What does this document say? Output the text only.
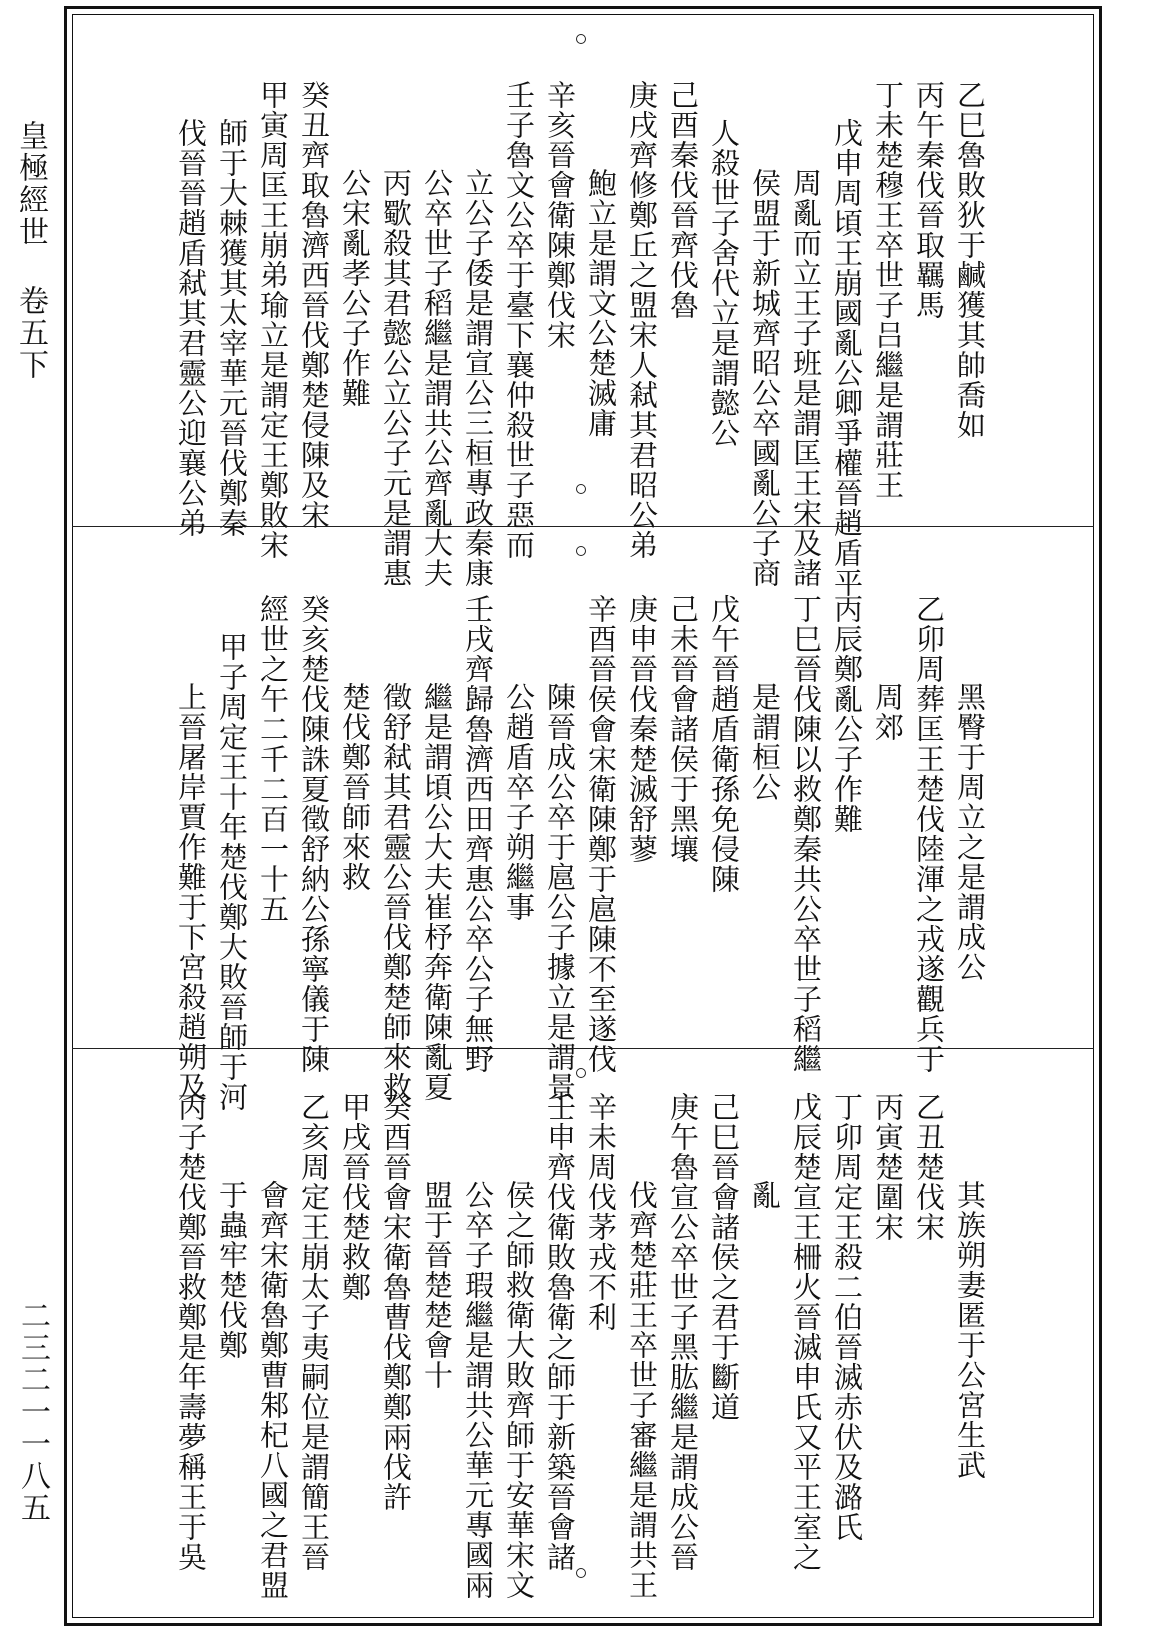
皇極經世 卷五下
二三二一一八五
乙巳魯敗狄于鹹獲其帥喬如
丙午秦伐晉取羈馬
丁未楚穆王卒世子吕繼是謂莊王
戊申周頃王崩國亂公卿爭權晉趙盾平
周亂而立王子班是謂匡王宋及諸
侯盟于新城齊昭公卒國亂公子商
人殺世子舍代立是謂懿公
己酉秦伐晉齊伐魯
庚戌齊修鄭丘之盟宋人弒其君昭公弟
鮑立是謂文公楚滅庸
辛亥晉會衛陳鄭伐宋
壬子魯文公卒于臺下襄仲殺世子惡而
立公子倭是謂宣公三桓專政秦康
公卒世子稻繼是謂共公齊亂大夫
丙歜殺其君懿公立公子元是謂惠
公宋亂孝公子作難
癸丑齊取魯濟西晉伐鄭楚侵陳及宋
甲寅周匡王崩弟瑜立是謂定王鄭敗宋
師于大棘獲其太宰華元晉伐鄭秦
伐晉晉趙盾弒其君靈公迎襄公弟
黑臀于周立之是謂成公
乙卯周葬匡王楚伐陸渾之戎遂觀兵于
周郊
丙辰鄭亂公子作難
丁巳晉伐陳以救鄭秦共公卒世子稻繼
是謂桓公
戊午晉趙盾衛孫免侵陳
己未晉會諸侯于黑壤
庚申晉伐秦楚滅舒蓼
辛酉晉侯會宋衛陳鄭于扈陳不至遂伐
陳晉成公卒于扈公子據立是謂景
公趙盾卒子朔繼事
壬戌齊歸魯濟西田齊惠公卒公子無野
繼是謂頃公大夫崔杼奔衛陳亂夏
徵舒弒其君靈公晉伐鄭楚師來救
楚伐鄭晉師來救
癸亥楚伐陳誅夏徵舒納公孫寧儀于陳
經世之午二千二百一十五
甲子周定王十年楚伐鄭大敗晉師于河
上晉屠岸賈作難于下宮殺趙朔及
其族朔妻匿于公宮生武
乙丑楚伐宋
丙寅楚圍宋
丁卯周定王殺二伯晉滅赤伏及潞氏
戊辰楚宣王柵火晉滅申氏又平王室之
亂
己巳晉會諸侯之君于斷道
庚午魯宣公卒世子黑肱繼是謂成公晉
伐齊楚莊王卒世子審繼是謂共王
辛未周伐茅戎不利
壬申齊伐衛敗魯衛之師于新築晉會諸
侯之師救衛大敗齊師于安華宋文
公卒子瑕繼是謂共公華元專國兩
盟于晉楚楚會十
癸酉晉會宋衛魯曹伐鄭鄭兩伐許
甲戌晉伐楚救鄭
乙亥周定王崩太子夷嗣位是謂簡王晉
會齊宋衛魯鄭曹邾杞八國之君盟
于蟲牢楚伐鄭
丙子楚伐鄭晉救鄭是年壽夢稱王于吳
